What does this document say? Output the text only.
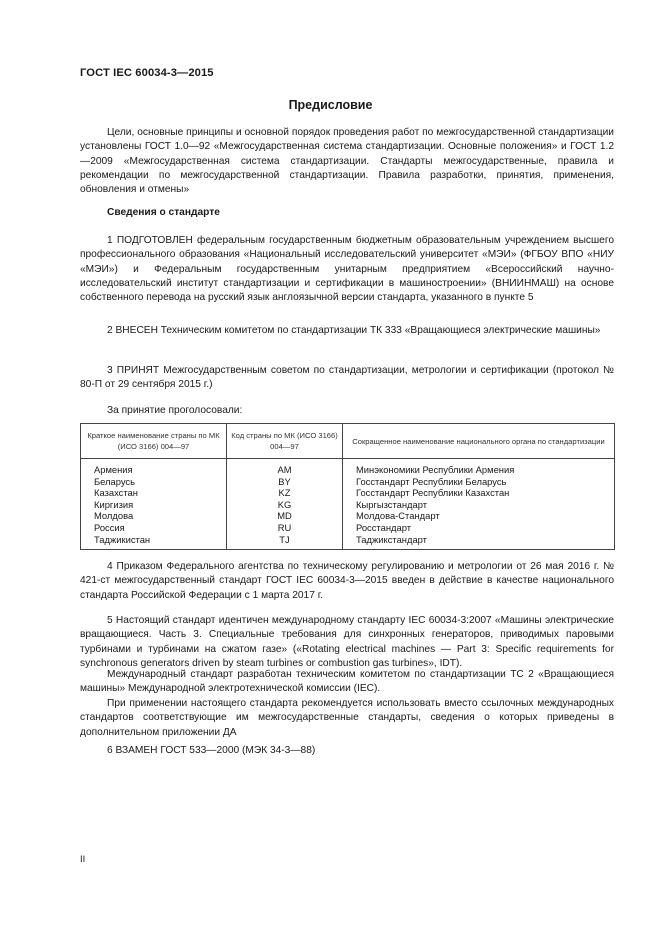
ГОСТ IEC 60034-3—2015
Предисловие

Цели, основные принципы и основной порядок проведения работ по межгосударственной стандартизации установлены ГОСТ 1.0—92 «Межгосударственная система стандартизации. Основные положения» и ГОСТ 1.2—2009 «Межгосударственная система стандартизации. Стандарты межгосударственные, правила и рекомендации по межгосударственной стандартизации. Правила разработки, принятия, применения, обновления и отмены»

Сведения о стандарте

1 ПОДГОТОВЛЕН федеральным государственным бюджетным образовательным учреждением высшего профессионального образования «Национальный исследовательский университет «МЭИ» (ФГБОУ ВПО «НИУ «МЭИ») и Федеральным государственным унитарным предприятием «Всероссийский научно-исследовательский институт стандартизации и сертификации в машиностроении» (ВНИИНМАШ) на основе собственного перевода на русский язык англоязычной версии стандарта, указанного в пункте 5

2 ВНЕСЕН Техническим комитетом по стандартизации ТК 333 «Вращающиеся электрические машины»

3 ПРИНЯТ Межгосударственным советом по стандартизации, метрологии и сертификации (протокол № 80-П от 29 сентября 2015 г.)

За принятие проголосовали:

Краткое наименование страны по МК (ИСО 3166) 004—97	Код страны по МК (ИСО 3166) 004—97	Сокращенное наименование национального органа по стандартизации
Армения	AM	Минэкономики Республики Армения
Беларусь	BY	Госстандарт Республики Беларусь
Казахстан	KZ	Госстандарт Республики Казахстан
Киргизия	KG	Кыргызстандарт
Молдова	MD	Молдова-Стандарт
Россия	RU	Росстандарт
Таджикистан	TJ	Таджикстандарт

4 Приказом Федерального агентства по техническому регулированию и метрологии от 26 мая 2016 г. № 421-ст межгосударственный стандарт ГОСТ IEC 60034-3—2015 введен в действие в качестве национального стандарта Российской Федерации с 1 марта 2017 г.

5 Настоящий стандарт идентичен международному стандарту IEC 60034-3:2007 «Машины электрические вращающиеся. Часть 3. Специальные требования для синхронных генераторов, приводимых паровыми турбинами и турбинами на сжатом газе» («Rotating electrical machines — Part 3: Specific requirements for synchronous generators driven by steam turbines or combustion gas turbines», IDT).

Международный стандарт разработан техническим комитетом по стандартизации ТС 2 «Вращающиеся машины» Международной электротехнической комиссии (IEC).

При применении настоящего стандарта рекомендуется использовать вместо ссылочных международных стандартов соответствующие им межгосударственные стандарты, сведения о которых приведены в дополнительном приложении ДА

6 ВЗАМЕН ГОСТ 533—2000 (МЭК 34-3—88)

II
